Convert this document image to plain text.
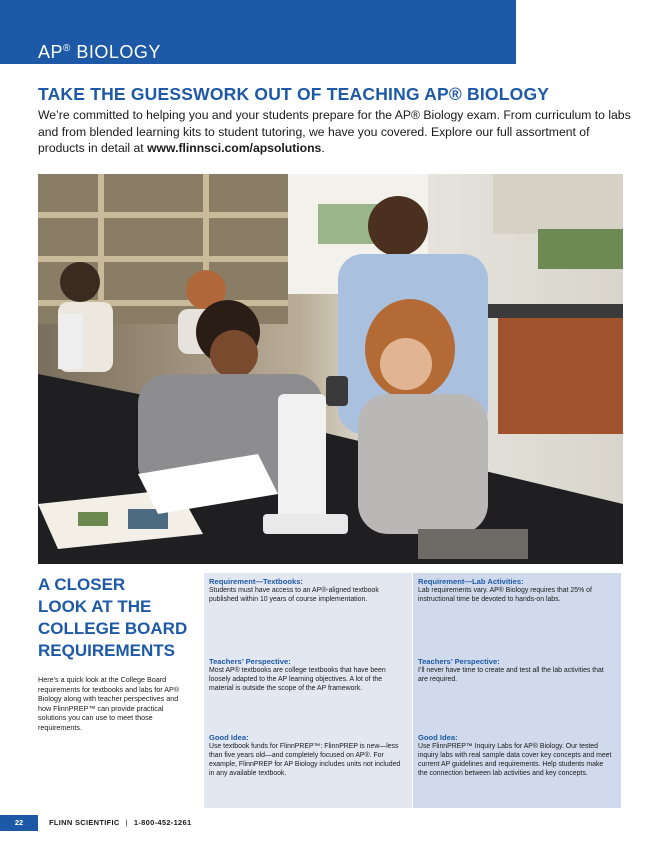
AP® BIOLOGY
TAKE THE GUESSWORK OUT OF TEACHING AP® BIOLOGY
We’re committed to helping you and your students prepare for the AP® Biology exam. From curriculum to labs and from blended learning kits to student tutoring, we have you covered. Explore our full assortment of products in detail at www.flinnsci.com/apsolutions.
A CLOSER
LOOK AT THE
COLLEGE BOARD
REQUIREMENTS
Here’s a quick look at the College Board requirements for textbooks and labs for AP® Biology along with teacher perspectives and how FlinnPREP™ can provide practical solutions you can use to meet those requirements.
Requirement—Textbooks:
Students must have access to an AP®-aligned textbook published within 10 years of course implementation.
Teachers’ Perspective:
Most AP® textbooks are college textbooks that have been loosely adapted to the AP learning objectives. A lot of the material is outside the scope of the AP framework.
Good Idea:
Use textbook funds for FlinnPREP™: FlinnPREP is new—less than five years old—and completely focused on AP®. For example, FlinnPREP for AP Biology includes units not included in any available textbook.
Requirement—Lab Activities:
Lab requirements vary. AP® Biology requires that 25% of instructional time be devoted to hands-on labs.
Teachers’ Perspective:
I’ll never have time to create and test all the lab activities that are required.
Good Idea:
Use FlinnPREP™ Inquiry Labs for AP® Biology. Our tested inquiry labs with real sample data cover key concepts and meet current AP guidelines and requirements. Help students make the connection between lab activities and key concepts.
22	FLINN SCIENTIFIC | 1-800-452-1261
